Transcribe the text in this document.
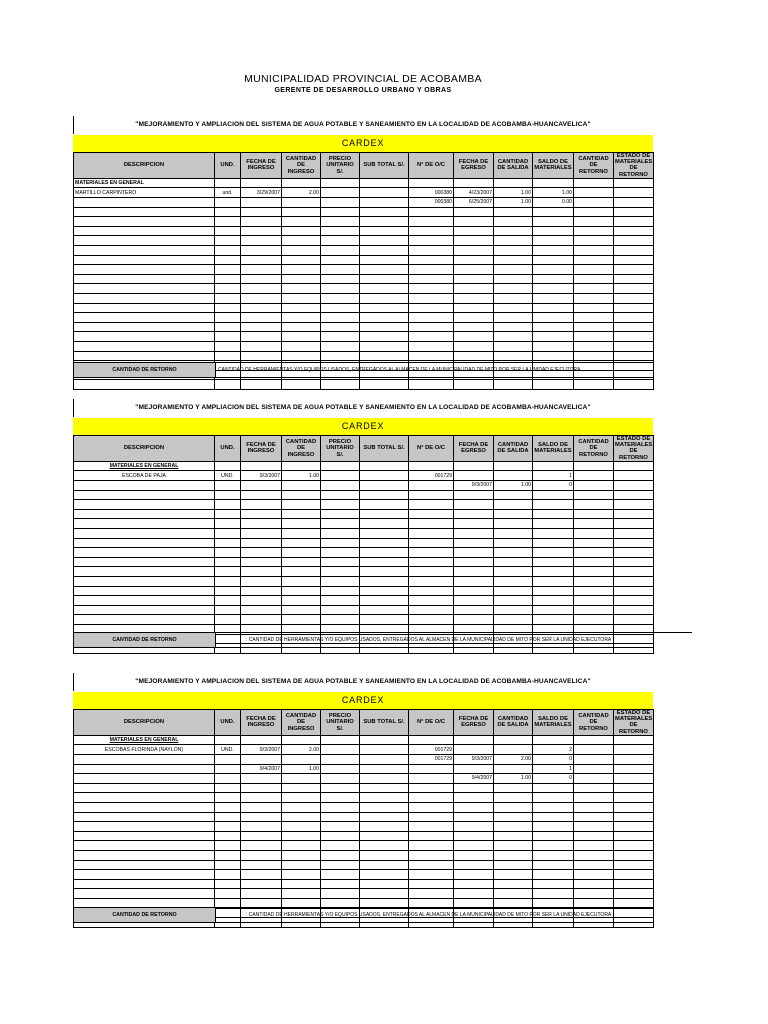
MUNICIPALIDAD PROVINCIAL DE ACOBAMBA
GERENTE DE DESARROLLO URBANO Y OBRAS
"MEJORAMIENTO Y AMPLIACION DEL SISTEMA DE AGUA POTABLE Y SANEAMIENTO EN LA LOCALIDAD DE ACOBAMBA-HUANCAVELICA"
CARDEX
DESCRIPCION	UND.	FECHA DE INGRESO	CANTIDAD DE INGRESO	PRECIO UNITARIO S/.	SUB TOTAL S/.	N° DE O/C	FECHA DE EGRESO	CANTIDAD DE SALIDA	SALDO DE MATERIALES	CANTIDAD DE RETORNO	ESTADO DE MATERIALES DE RETORNO
MATERIALES EN GENERAL											
MARTILLO CARPINTERO	und.	3/29/2007	2.00			000380	4/23/2007	1.00	1.00		
						000380	6/25/2007	1.00	0.00		

CANTIDAD DE RETORNO	CANTIDAD DE HERRAMIENTAS Y/O EQUIPOS USADOS, ENTREGADOS AL ALMACEN DE LA MUNICIPALIDAD DE MITO POR SER LA UNIDAD EJECUTORA
"MEJORAMIENTO Y AMPLIACION DEL SISTEMA DE AGUA POTABLE Y SANEAMIENTO EN LA LOCALIDAD DE ACOBAMBA-HUANCAVELICA"
CARDEX
DESCRIPCION	UND.	FECHA DE INGRESO	CANTIDAD DE INGRESO	PRECIO UNITARIO S/.	SUB TOTAL S/.	N° DE O/C	FECHA DE EGRESO	CANTIDAD DE SALIDA	SALDO DE MATERIALES	CANTIDAD DE RETORNO	ESTADO DE MATERIALES DE RETORNO
MATERIALES EN GENERAL											
ESCOBA DE PAJA	UND.	9/3/2007	1.00			001729			1		
							9/3/2007	1.00	0		

CANTIDAD DE RETORNO	: CANTIDAD DE HERRAMIENTAS Y/O EQUIPOS USADOS, ENTREGADOS AL ALMACEN DE LA MUNICIPALIDAD DE MITO POR SER LA UNIDAD EJECUTORA
"MEJORAMIENTO Y AMPLIACION DEL SISTEMA DE AGUA POTABLE Y SANEAMIENTO EN LA LOCALIDAD DE ACOBAMBA-HUANCAVELICA"
CARDEX
DESCRIPCION	UND.	FECHA DE INGRESO	CANTIDAD DE INGRESO	PRECIO UNITARIO S/.	SUB TOTAL S/.	N° DE O/C	FECHA DE EGRESO	CANTIDAD DE SALIDA	SALDO DE MATERIALES	CANTIDAD DE RETORNO	ESTADO DE MATERIALES DE RETORNO
MATERIALES EN GENERAL											
ESCOBAS FLORINDA (NAYLON)	UND.	9/3/2007	2.00			001729			2		
						001729	9/3/2007	2.00	0		
		9/4/2007	1.00						1		
							9/4/2007	1.00	0		

CANTIDAD DE RETORNO	: CANTIDAD DE HERRAMIENTAS Y/O EQUIPOS USADOS, ENTREGADOS AL ALMACEN DE LA MUNICIPALIDAD DE MITO POR SER LA UNIDAD EJECUTORA
